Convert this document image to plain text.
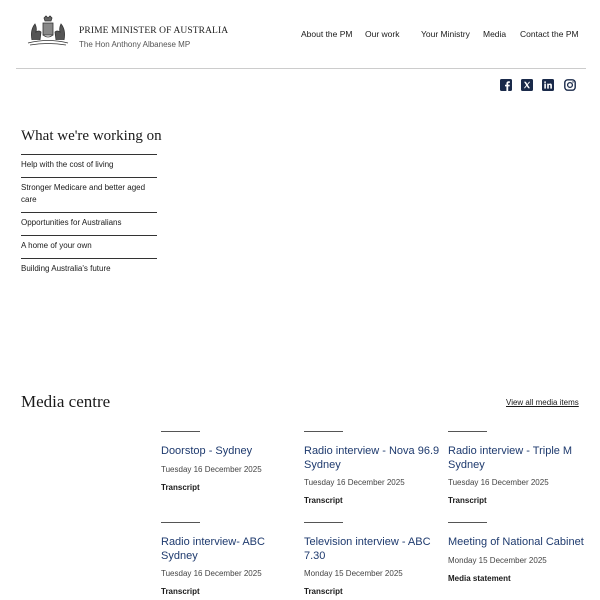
PRIME MINISTER OF AUSTRALIA
The Hon Anthony Albanese MP
About the PM Our work	Your Ministry Media Contact the PM
What we're working on
Help with the cost of living
Stronger Medicare and better aged care
Opportunities for Australians
A home of your own
Building Australia's future
Media centre	View all media items
Doorstop - Sydney
Tuesday 16 December 2025
Transcript
Radio interview - Nova 96.9 Sydney
Tuesday 16 December 2025
Transcript
Radio interview - Triple M Sydney
Tuesday 16 December 2025
Transcript
Radio interview- ABC Sydney
Tuesday 16 December 2025
Transcript
Television interview - ABC 7.30
Monday 15 December 2025
Transcript
Meeting of National Cabinet
Monday 15 December 2025
Media statement
